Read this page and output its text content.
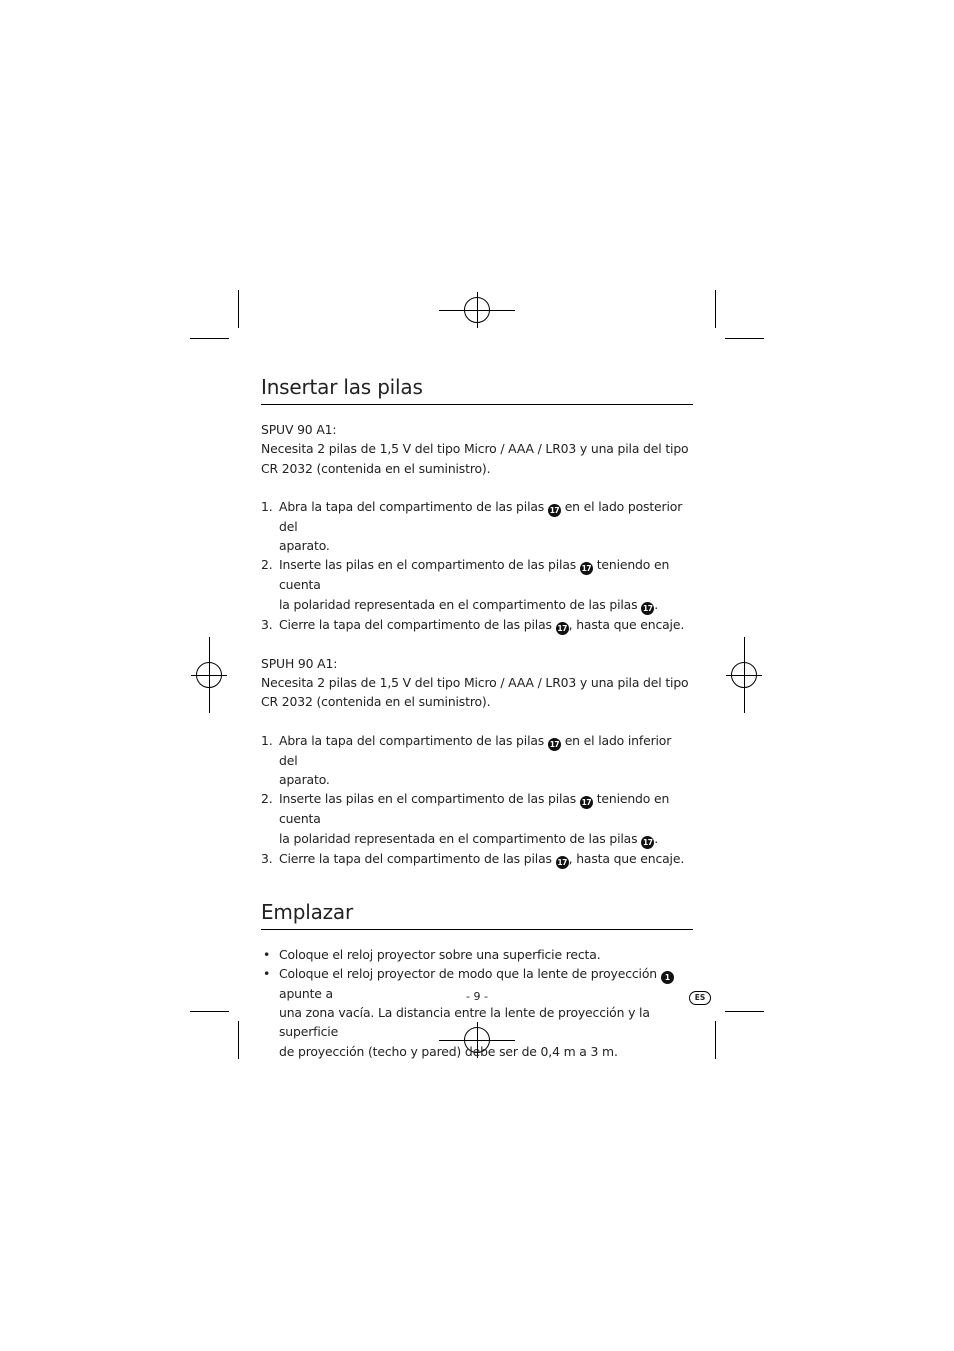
Insertar las pilas

SPUV 90 A1:

Necesita 2 pilas de 1,5 V del tipo Micro / AAA / LR03 y una pila del tipo

CR 2032 (contenida en el suministro).

1. Abra la tapa del compartimento de las pilas 17 en el lado posterior del
aparato.
2. Inserte las pilas en el compartimento de las pilas 17 teniendo en cuenta
la polaridad representada en el compartimento de las pilas 17 .
3. Cierre la tapa del compartimento de las pilas 17 , hasta que encaje.

SPUH 90 A1:

Necesita 2 pilas de 1,5 V del tipo Micro / AAA / LR03 y una pila del tipo

CR 2032 (contenida en el suministro).

1. Abra la tapa del compartimento de las pilas 17 en el lado inferior del
aparato.
2. Inserte las pilas en el compartimento de las pilas 17 teniendo en cuenta
la polaridad representada en el compartimento de las pilas 17 .
3. Cierre la tapa del compartimento de las pilas 17 , hasta que encaje.
Emplazar
• Coloque el reloj proyector sobre una superficie recta.
• Coloque el reloj proyector de modo que la lente de proyección 1 apunte a
una zona vacía. La distancia entre la lente de proyección y la superficie
de proyección (techo y pared) debe ser de 0,4 m a 3 m.
- 9 -	ES
